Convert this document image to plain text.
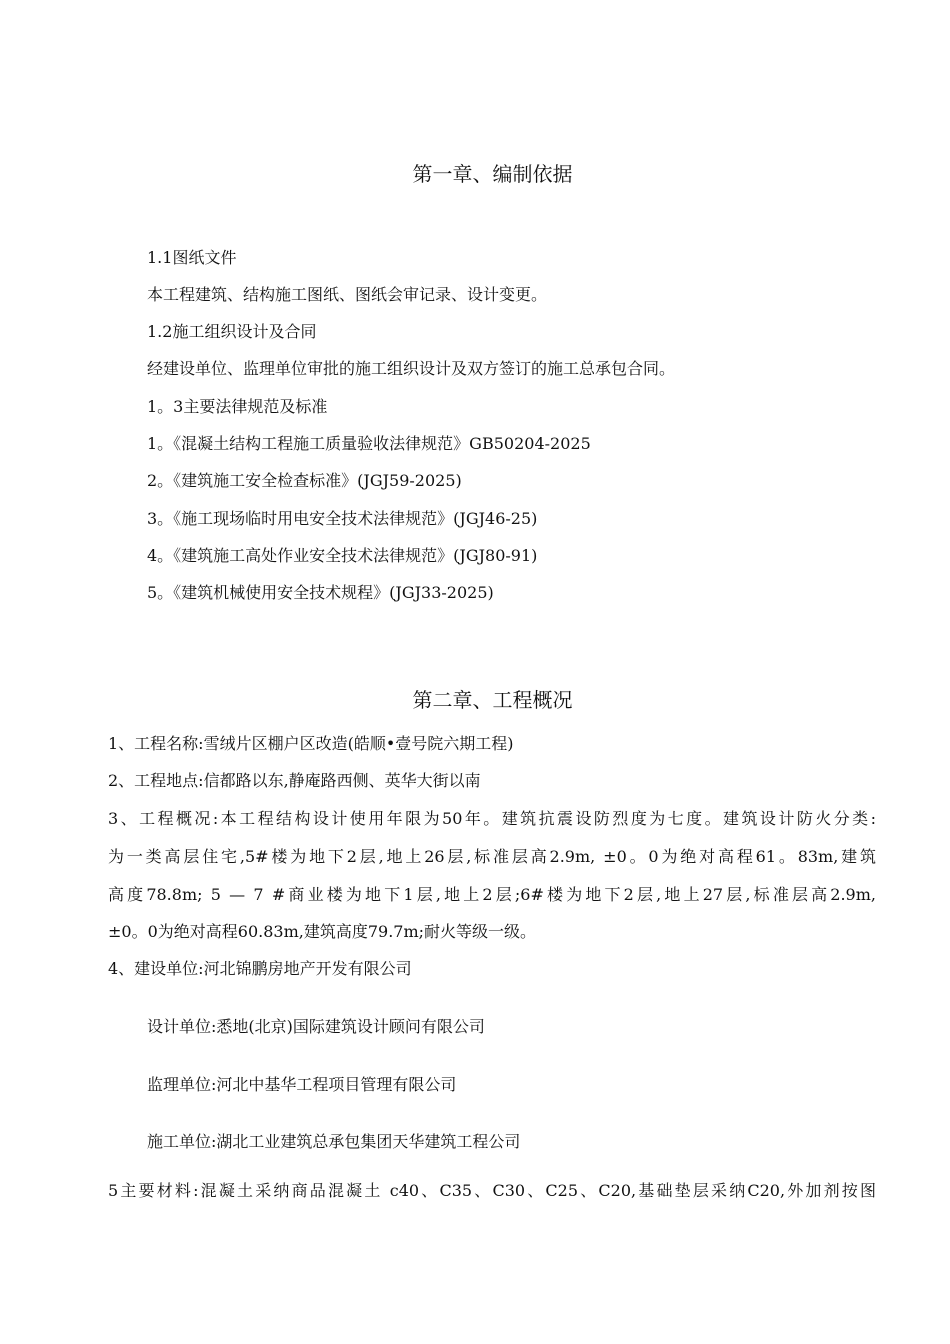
第一章、编制依据
1.1图纸文件
本工程建筑、结构施工图纸、图纸会审记录、设计变更。
1.2施工组织设计及合同
经建设单位、监理单位审批的施工组织设计及双方签订的施工总承包合同。
1。3主要法律规范及标准
1。《混凝土结构工程施工质量验收法律规范》GB50204-2025
2。《建筑施工安全检查标准》(JGJ59-2025)
3。《施工现场临时用电安全技术法律规范》(JGJ46-25)
4。《建筑施工高处作业安全技术法律规范》(JGJ80-91)
5。《建筑机械使用安全技术规程》(JGJ33-2025)
第二章、工程概况
1、工程名称:雪绒片区棚户区改造(皓顺•壹号院六期工程)
2、工程地点:信都路以东,静庵路西侧、英华大街以南
3、工程概况:本工程结构设计使用年限为50年。建筑抗震设防烈度为七度。建筑设计防火分类:
为一类高层住宅,5#楼为地下2层,地上26层,标准层高2.9m, ±0。0为绝对高程61。83m,建筑
高度78.8m; 5 — 7 #商业楼为地下1层,地上2层;6#楼为地下2层,地上27层,标准层高2.9m,
±0。0为绝对高程60.83m,建筑高度79.7m;耐火等级一级。
4、建设单位:河北锦鹏房地产开发有限公司
设计单位:悉地(北京)国际建筑设计顾问有限公司
监理单位:河北中基华工程项目管理有限公司
施工单位:湖北工业建筑总承包集团天华建筑工程公司
5主要材料:混凝土采纳商品混凝土 c40、C35、C30、C25、C20,基础垫层采纳C20,外加剂按图
